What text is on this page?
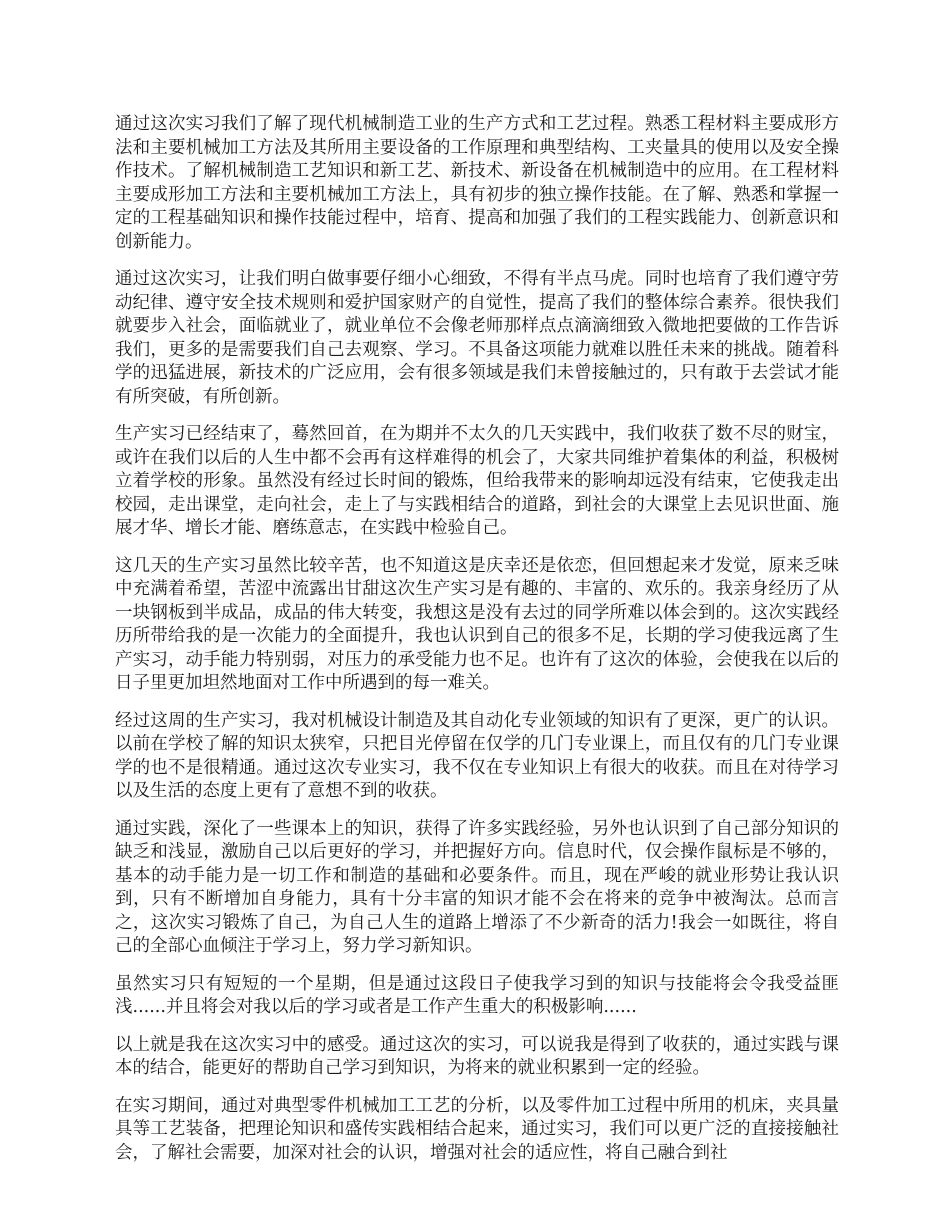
通过这次实习我们了解了现代机械制造工业的生产方式和工艺过程。熟悉工程材料主要成形方法和主要机械加工方法及其所用主要设备的工作原理和典型结构、工夹量具的使用以及安全操作技术。了解机械制造工艺知识和新工艺、新技术、新设备在机械制造中的应用。在工程材料主要成形加工方法和主要机械加工方法上，具有初步的独立操作技能。在了解、熟悉和掌握一定的工程基础知识和操作技能过程中，培育、提高和加强了我们的工程实践能力、创新意识和创新能力。

通过这次实习，让我们明白做事要仔细小心细致，不得有半点马虎。同时也培育了我们遵守劳动纪律、遵守安全技术规则和爱护国家财产的自觉性，提高了我们的整体综合素养。很快我们就要步入社会，面临就业了，就业单位不会像老师那样点点滴滴细致入微地把要做的工作告诉我们，更多的是需要我们自己去观察、学习。不具备这项能力就难以胜任未来的挑战。随着科学的迅猛进展，新技术的广泛应用，会有很多领域是我们未曾接触过的，只有敢于去尝试才能有所突破，有所创新。

生产实习已经结束了，蓦然回首，在为期并不太久的几天实践中，我们收获了数不尽的财宝，或许在我们以后的人生中都不会再有这样难得的机会了，大家共同维护着集体的利益，积极树立着学校的形象。虽然没有经过长时间的锻炼，但给我带来的影响却远没有结束，它使我走出校园，走出课堂，走向社会，走上了与实践相结合的道路，到社会的大课堂上去见识世面、施展才华、增长才能、磨练意志，在实践中检验自己。

这几天的生产实习虽然比较辛苦，也不知道这是庆幸还是依恋，但回想起来才发觉，原来乏味中充满着希望，苦涩中流露出甘甜这次生产实习是有趣的、丰富的、欢乐的。我亲身经历了从一块钢板到半成品，成品的伟大转变，我想这是没有去过的同学所难以体会到的。这次实践经历所带给我的是一次能力的全面提升，我也认识到自己的很多不足，长期的学习使我远离了生产实习，动手能力特别弱，对压力的承受能力也不足。也许有了这次的体验，会使我在以后的日子里更加坦然地面对工作中所遇到的每一难关。

经过这周的生产实习，我对机械设计制造及其自动化专业领域的知识有了更深，更广的认识。以前在学校了解的知识太狭窄，只把目光停留在仅学的几门专业课上，而且仅有的几门专业课学的也不是很精通。通过这次专业实习，我不仅在专业知识上有很大的收获。而且在对待学习以及生活的态度上更有了意想不到的收获。

通过实践，深化了一些课本上的知识，获得了许多实践经验，另外也认识到了自己部分知识的缺乏和浅显，激励自己以后更好的学习，并把握好方向。信息时代，仅会操作鼠标是不够的，基本的动手能力是一切工作和制造的基础和必要条件。而且，现在严峻的就业形势让我认识到，只有不断增加自身能力，具有十分丰富的知识才能不会在将来的竞争中被淘汰。总而言之，这次实习锻炼了自己，为自己人生的道路上增添了不少新奇的活力!我会一如既往，将自己的全部心血倾注于学习上，努力学习新知识。

虽然实习只有短短的一个星期，但是通过这段日子使我学习到的知识与技能将会令我受益匪浅......并且将会对我以后的学习或者是工作产生重大的积极影响......

以上就是我在这次实习中的感受。通过这次的实习，可以说我是得到了收获的，通过实践与课本的结合，能更好的帮助自己学习到知识，为将来的就业积累到一定的经验。

在实习期间，通过对典型零件机械加工工艺的分析，以及零件加工过程中所用的机床，夹具量具等工艺装备，把理论知识和盛传实践相结合起来，通过实习，我们可以更广泛的直接接触社会，了解社会需要，加深对社会的认识，增强对社会的适应性，将自己融合到社
